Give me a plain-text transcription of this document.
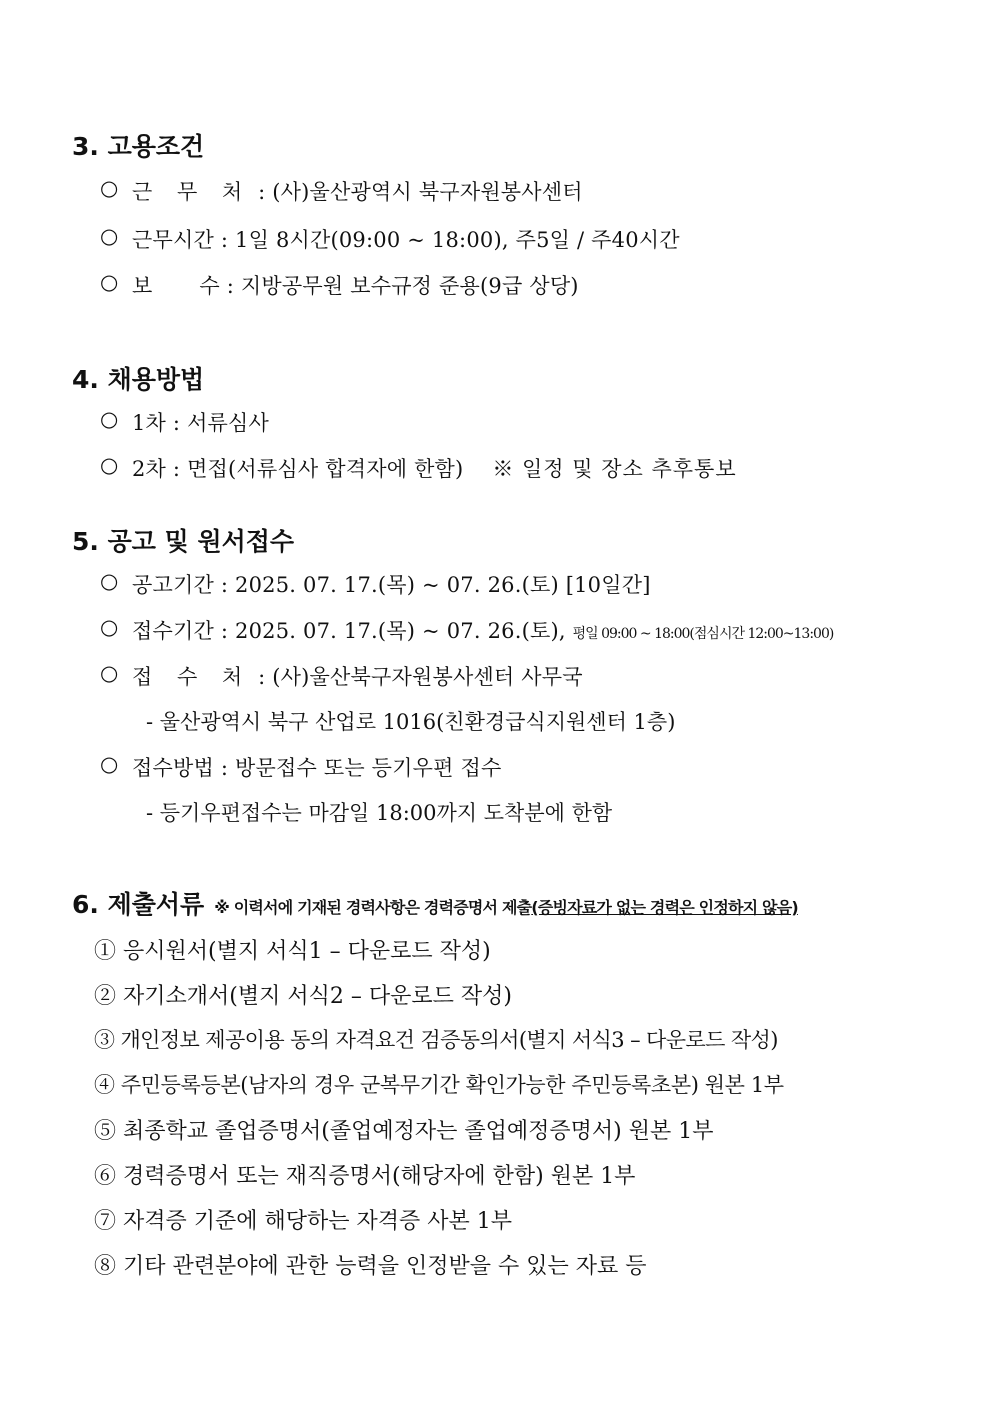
3. 고용조건
○ 근 무 처 : (사)울산광역시 북구자원봉사센터
○ 근무시간 : 1일 8시간(09:00 ~ 18:00), 주5일 / 주40시간
○ 보 수 : 지방공무원 보수규정 준용(9급 상당)
4. 채용방법
○ 1차 : 서류심사
○ 2차 : 면접(서류심사 합격자에 한함) ※ 일정 및 장소 추후통보
5. 공고 및 원서접수
○ 공고기간 : 2025. 07. 17.(목) ~ 07. 26.(토) [10일간]
○ 접수기간 : 2025. 07. 17.(목) ~ 07. 26.(토), 평일 09:00 ~ 18:00(점심시간 12:00~13:00)
○ 접 수 처 : (사)울산북구자원봉사센터 사무국
- 울산광역시 북구 산업로 1016(친환경급식지원센터 1층)
○ 접수방법 : 방문접수 또는 등기우편 접수
- 등기우편접수는 마감일 18:00까지 도착분에 한함
6. 제출서류 ※ 이력서에 기재된 경력사항은 경력증명서 제출(증빙자료가 없는 경력은 인정하지 않음)
① 응시원서(별지 서식1 – 다운로드 작성)
② 자기소개서(별지 서식2 – 다운로드 작성)
③ 개인정보 제공이용 동의 자격요건 검증동의서(별지 서식3 – 다운로드 작성)
④ 주민등록등본(남자의 경우 군복무기간 확인가능한 주민등록초본) 원본 1부
⑤ 최종학교 졸업증명서(졸업예정자는 졸업예정증명서) 원본 1부
⑥ 경력증명서 또는 재직증명서(해당자에 한함) 원본 1부
⑦ 자격증 기준에 해당하는 자격증 사본 1부
⑧ 기타 관련분야에 관한 능력을 인정받을 수 있는 자료 등
